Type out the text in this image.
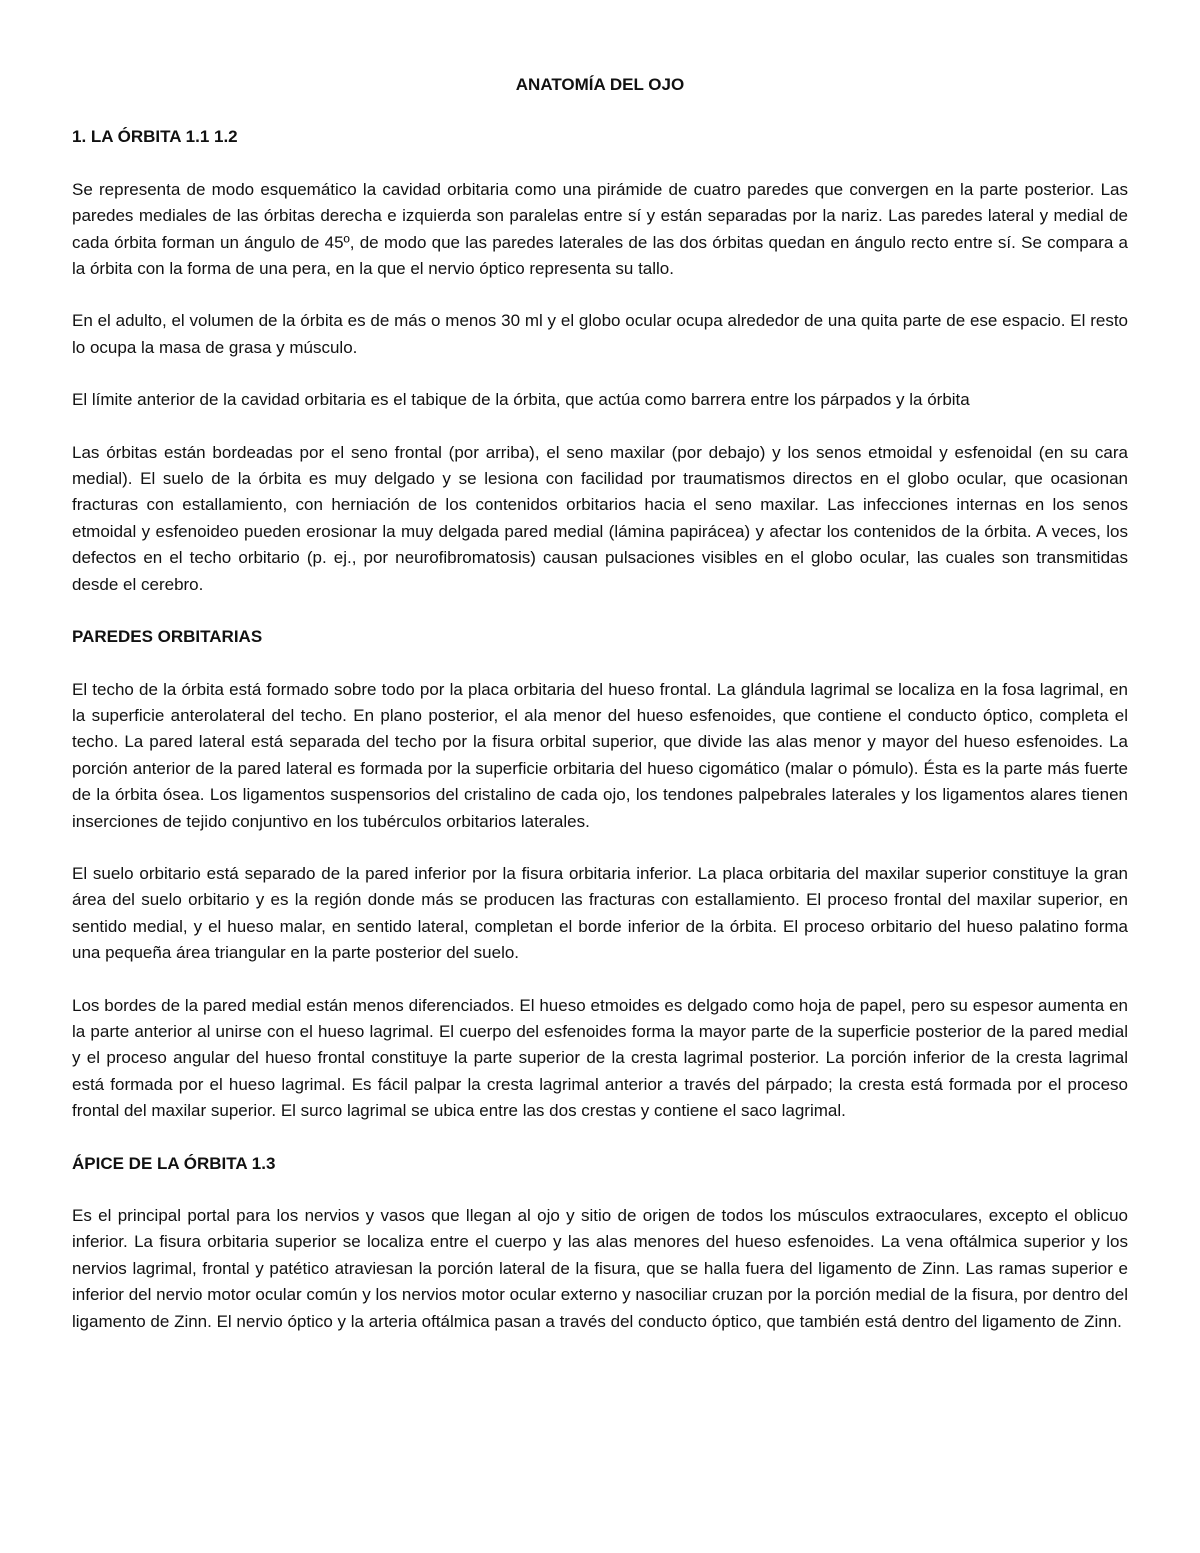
ANATOMÍA DEL OJO
1. LA ÓRBITA 1.1 1.2

Se representa de modo esquemático la cavidad orbitaria como una pirámide de cuatro paredes que convergen en la parte posterior. Las paredes mediales de las órbitas derecha e izquierda son paralelas entre sí y están separadas por la nariz. Las paredes lateral y medial de cada órbita forman un ángulo de 45º, de modo que las paredes laterales de las dos órbitas quedan en ángulo recto entre sí. Se compara a la órbita con la forma de una pera, en la que el nervio óptico representa su tallo.

En el adulto, el volumen de la órbita es de más o menos 30 ml y el globo ocular ocupa alrededor de una quita parte de ese espacio. El resto lo ocupa la masa de grasa y músculo.

El límite anterior de la cavidad orbitaria es el tabique de la órbita, que actúa como barrera entre los párpados y la órbita

Las órbitas están bordeadas por el seno frontal (por arriba), el seno maxilar (por debajo) y los senos etmoidal y esfenoidal (en su cara medial). El suelo de la órbita es muy delgado y se lesiona con facilidad por traumatismos directos en el globo ocular, que ocasionan fracturas con estallamiento, con herniación de los contenidos orbitarios hacia el seno maxilar. Las infecciones internas en los senos etmoidal y esfenoideo pueden erosionar la muy delgada pared medial (lámina papirácea) y afectar los contenidos de la órbita. A veces, los defectos en el techo orbitario (p. ej., por neurofibromatosis) causan pulsaciones visibles en el globo ocular, las cuales son transmitidas desde el cerebro.

PAREDES ORBITARIAS

El techo de la órbita está formado sobre todo por la placa orbitaria del hueso frontal. La glándula lagrimal se localiza en la fosa lagrimal, en la superficie anterolateral del techo. En plano posterior, el ala menor del hueso esfenoides, que contiene el conducto óptico, completa el techo. La pared lateral está separada del techo por la fisura orbital superior, que divide las alas menor y mayor del hueso esfenoides. La porción anterior de la pared lateral es formada por la superficie orbitaria del hueso cigomático (malar o pómulo). Ésta es la parte más fuerte de la órbita ósea. Los ligamentos suspensorios del cristalino de cada ojo, los tendones palpebrales laterales y los ligamentos alares tienen inserciones de tejido conjuntivo en los tubérculos orbitarios laterales.

El suelo orbitario está separado de la pared inferior por la fisura orbitaria inferior. La placa orbitaria del maxilar superior constituye la gran área del suelo orbitario y es la región donde más se producen las fracturas con estallamiento. El proceso frontal del maxilar superior, en sentido medial, y el hueso malar, en sentido lateral, completan el borde inferior de la órbita. El proceso orbitario del hueso palatino forma una pequeña área triangular en la parte posterior del suelo.

Los bordes de la pared medial están menos diferenciados. El hueso etmoides es delgado como hoja de papel, pero su espesor aumenta en la parte anterior al unirse con el hueso lagrimal. El cuerpo del esfenoides forma la mayor parte de la superficie posterior de la pared medial y el proceso angular del hueso frontal constituye la parte superior de la cresta lagrimal posterior. La porción inferior de la cresta lagrimal está formada por el hueso lagrimal. Es fácil palpar la cresta lagrimal anterior a través del párpado; la cresta está formada por el proceso frontal del maxilar superior. El surco lagrimal se ubica entre las dos crestas y contiene el saco lagrimal.

ÁPICE DE LA ÓRBITA 1.3

Es el principal portal para los nervios y vasos que llegan al ojo y sitio de origen de todos los músculos extraoculares, excepto el oblicuo inferior. La fisura orbitaria superior se localiza entre el cuerpo y las alas menores del hueso esfenoides. La vena oftálmica superior y los nervios lagrimal, frontal y patético atraviesan la porción lateral de la fisura, que se halla fuera del ligamento de Zinn. Las ramas superior e inferior del nervio motor ocular común y los nervios motor ocular externo y nasociliar cruzan por la porción medial de la fisura, por dentro del ligamento de Zinn. El nervio óptico y la arteria oftálmica pasan a través del conducto óptico, que también está dentro del ligamento de Zinn.
